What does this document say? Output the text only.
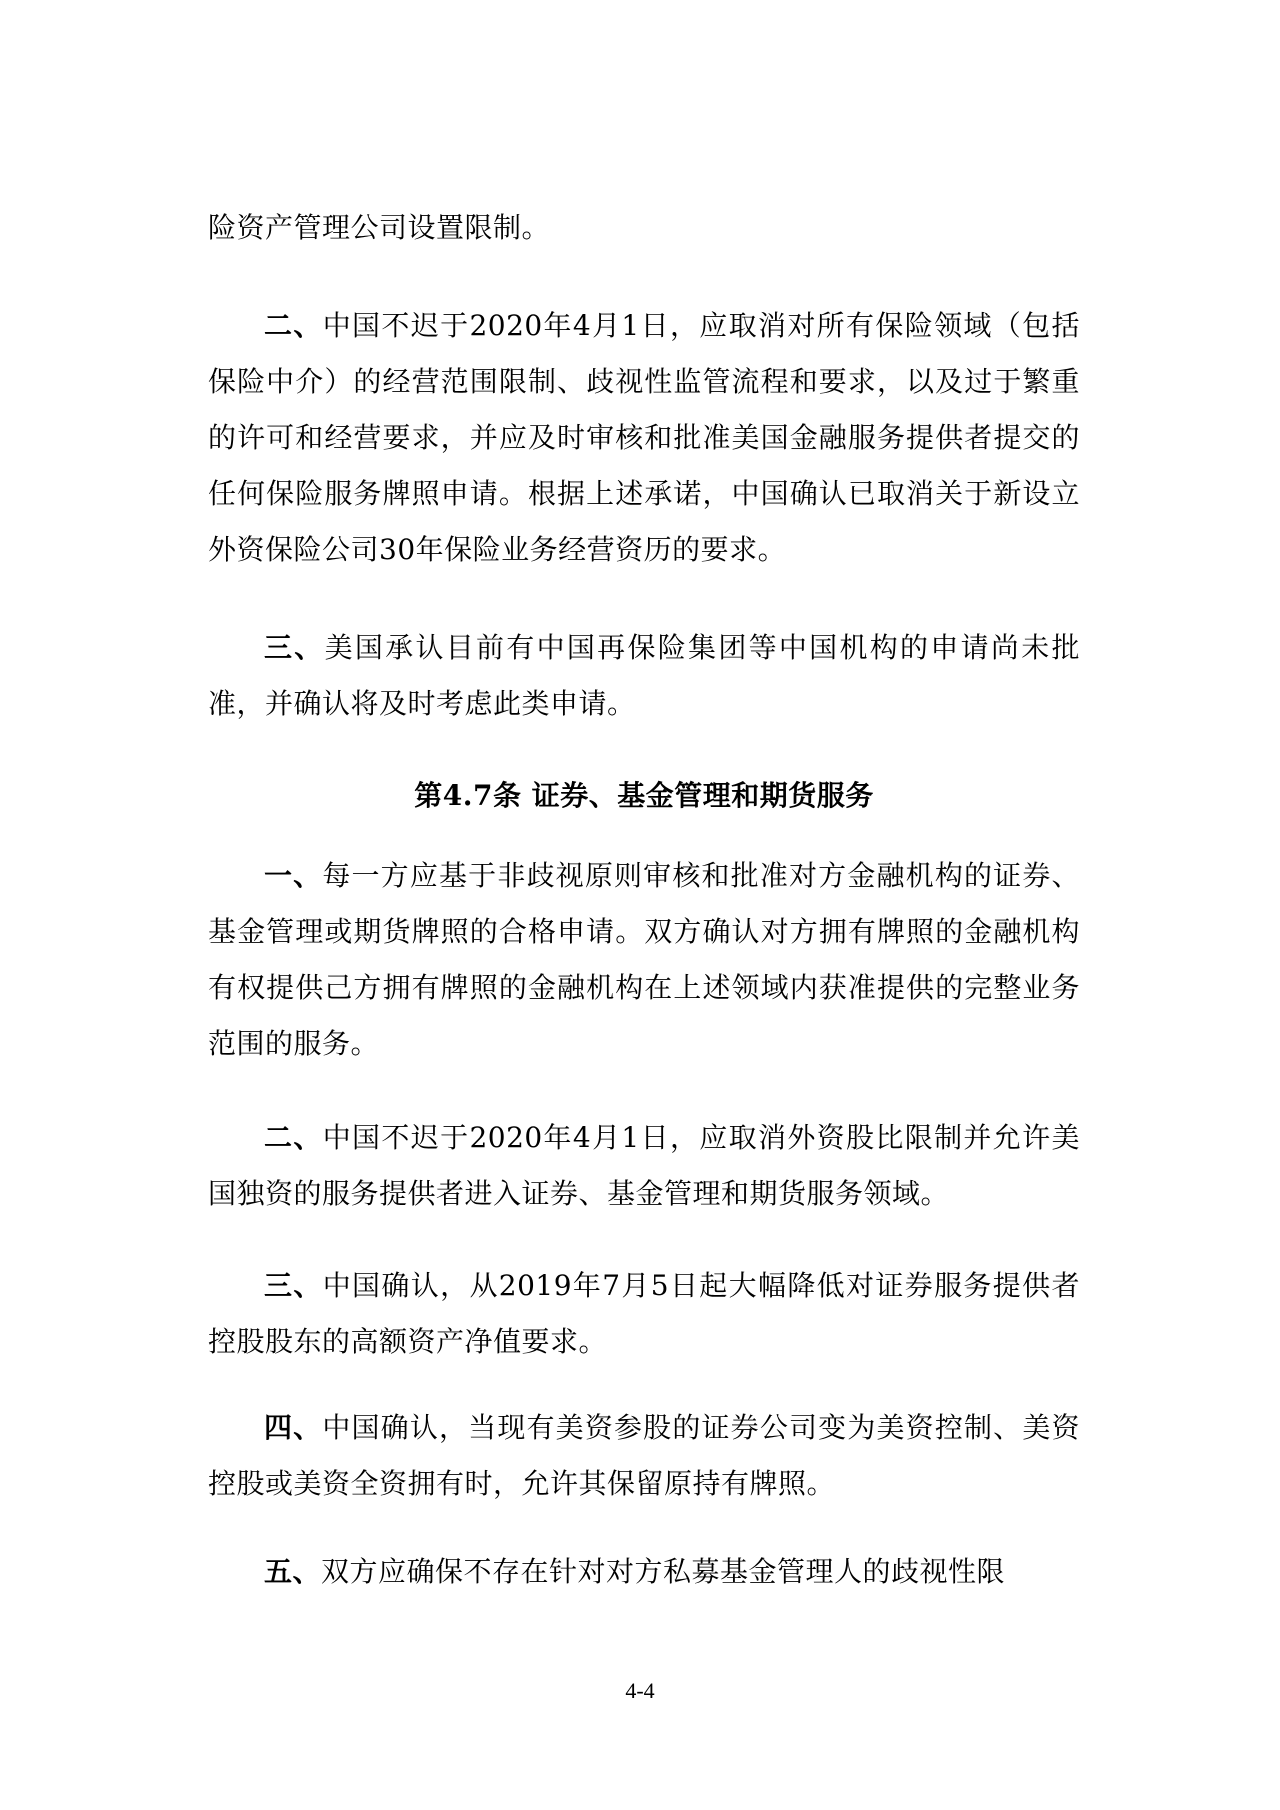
险资产管理公司设置限制。

二、中国不迟于2020年4月1日，应取消对所有保险领域（包括保险中介）的经营范围限制、歧视性监管流程和要求，以及过于繁重的许可和经营要求，并应及时审核和批准美国金融服务提供者提交的任何保险服务牌照申请。根据上述承诺，中国确认已取消关于新设立外资保险公司30年保险业务经营资历的要求。

三、美国承认目前有中国再保险集团等中国机构的申请尚未批准，并确认将及时考虑此类申请。

第4.7条 证券、基金管理和期货服务

一、每一方应基于非歧视原则审核和批准对方金融机构的证券、基金管理或期货牌照的合格申请。双方确认对方拥有牌照的金融机构有权提供己方拥有牌照的金融机构在上述领域内获准提供的完整业务范围的服务。

二、中国不迟于2020年4月1日，应取消外资股比限制并允许美国独资的服务提供者进入证券、基金管理和期货服务领域。

三、中国确认，从2019年7月5日起大幅降低对证券服务提供者控股股东的高额资产净值要求。

四、中国确认，当现有美资参股的证券公司变为美资控制、美资控股或美资全资拥有时，允许其保留原持有牌照。

五、双方应确保不存在针对对方私募基金管理人的歧视性限

4-4
